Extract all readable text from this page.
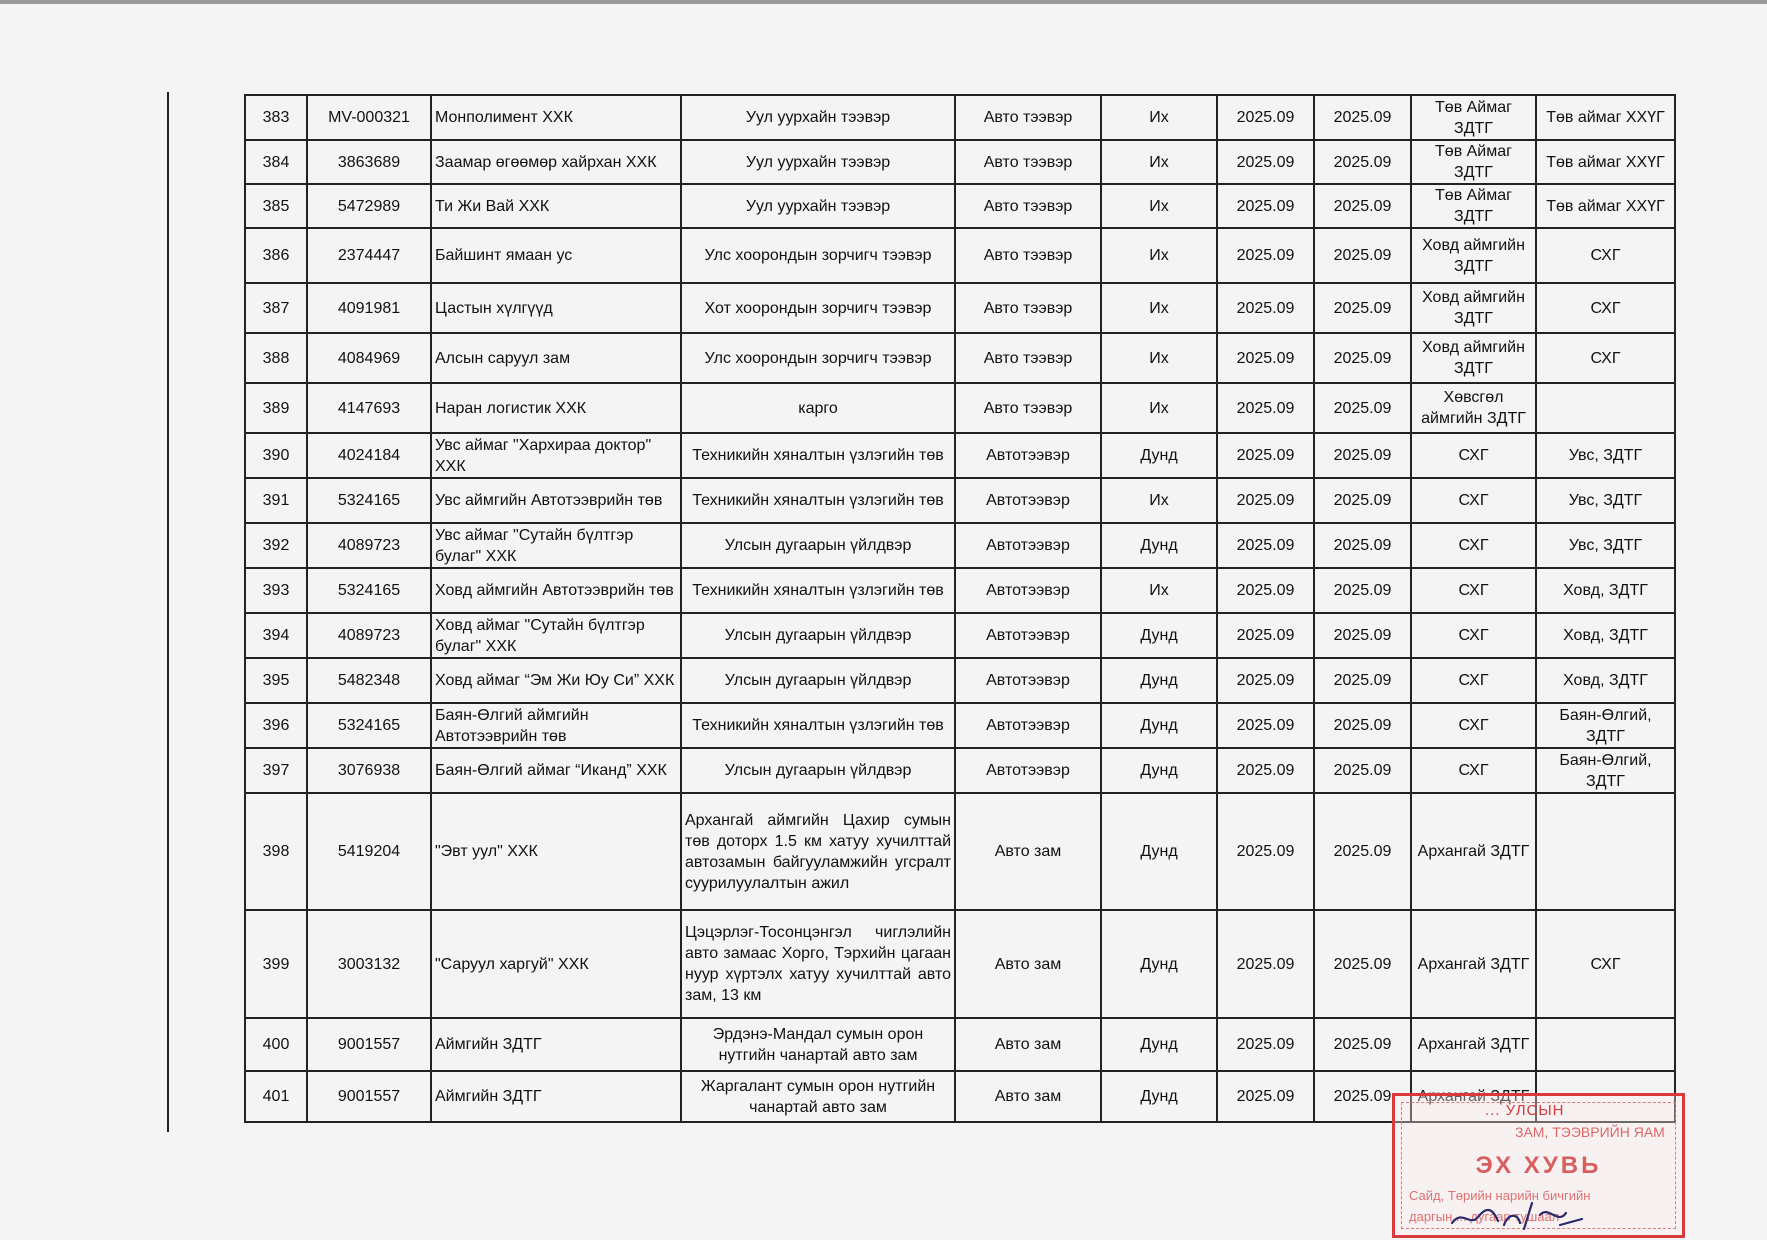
383	MV-000321	Монполимент ХХК	Уул уурхайн тээвэр	Авто тээвэр	Их	2025.09	2025.09	Төв Аймаг ЗДТГ	Төв аймаг ХХҮГ
384	3863689	Заамар өгөөмөр хайрхан ХХК	Уул уурхайн тээвэр	Авто тээвэр	Их	2025.09	2025.09	Төв Аймаг ЗДТГ	Төв аймаг ХХҮГ
385	5472989	Ти Жи Вай ХХК	Уул уурхайн тээвэр	Авто тээвэр	Их	2025.09	2025.09	Төв Аймаг ЗДТГ	Төв аймаг ХХҮГ
386	2374447	Байшинт ямаан ус	Улс хоорондын зорчигч тээвэр	Авто тээвэр	Их	2025.09	2025.09	Ховд аймгийн ЗДТГ	СХГ
387	4091981	Цастын хүлгүүд	Хот хоорондын зорчигч тээвэр	Авто тээвэр	Их	2025.09	2025.09	Ховд аймгийн ЗДТГ	СХГ
388	4084969	Алсын саруул зам	Улс хоорондын зорчигч тээвэр	Авто тээвэр	Их	2025.09	2025.09	Ховд аймгийн ЗДТГ	СХГ
389	4147693	Наран логистик ХХК	карго	Авто тээвэр	Их	2025.09	2025.09	Хөвсгөл аймгийн ЗДТГ	
390	4024184	Увс аймаг "Хархираа доктор" ХХК	Техникийн хяналтын үзлэгийн төв	Автотээвэр	Дунд	2025.09	2025.09	СХГ	Увс, ЗДТГ
391	5324165	Увс аймгийн Автотээврийн төв	Техникийн хяналтын үзлэгийн төв	Автотээвэр	Их	2025.09	2025.09	СХГ	Увс, ЗДТГ
392	4089723	Увс аймаг "Сутайн бүлтгэр булаг" ХХК	Улсын дугаарын үйлдвэр	Автотээвэр	Дунд	2025.09	2025.09	СХГ	Увс, ЗДТГ
393	5324165	Ховд аймгийн Автотээврийн төв	Техникийн хяналтын үзлэгийн төв	Автотээвэр	Их	2025.09	2025.09	СХГ	Ховд, ЗДТГ
394	4089723	Ховд аймаг "Сутайн бүлтгэр булаг" ХХК	Улсын дугаарын үйлдвэр	Автотээвэр	Дунд	2025.09	2025.09	СХГ	Ховд, ЗДТГ
395	5482348	Ховд аймаг “Эм Жи Юу Си” ХХК	Улсын дугаарын үйлдвэр	Автотээвэр	Дунд	2025.09	2025.09	СХГ	Ховд, ЗДТГ
396	5324165	Баян-Өлгий аймгийн Автотээврийн төв	Техникийн хяналтын үзлэгийн төв	Автотээвэр	Дунд	2025.09	2025.09	СХГ	Баян-Өлгий, ЗДТГ
397	3076938	Баян-Өлгий аймаг “Иканд” ХХК	Улсын дугаарын үйлдвэр	Автотээвэр	Дунд	2025.09	2025.09	СХГ	Баян-Өлгий, ЗДТГ
398	5419204	"Эвт уул" ХХК	Архангай аймгийн Цахир сумын төв доторх 1.5 км хатуу хучилттай автозамын байгууламжийн угсралт суурилуулалтын ажил	Авто зам	Дунд	2025.09	2025.09	Архангай ЗДТГ	
399	3003132	"Саруул харгуй" ХХК	Цэцэрлэг-Тосонцэнгэл чиглэлийн авто замаас Хорго, Тэрхийн цагаан нуур хүртэлх хатуу хучилттай авто зам, 13 км	Авто зам	Дунд	2025.09	2025.09	Архангай ЗДТГ	СХГ
400	9001557	Аймгийн ЗДТГ	Эрдэнэ-Мандал сумын орон нутгийн чанартай авто зам	Авто зам	Дунд	2025.09	2025.09	Архангай ЗДТГ	
401	9001557	Аймгийн ЗДТГ	Жаргалант сумын орон нутгийн чанартай авто зам	Авто зам	Дунд	2025.09	2025.09	Архангай ЗДТГ	
... УЛСЫН
ЗАМ, ТЭЭВРИЙН ЯАМ
ЭХ ХУВЬ
Сайд, Төрийн нарийн бичгийн
даргын ... дугаар тушаал
